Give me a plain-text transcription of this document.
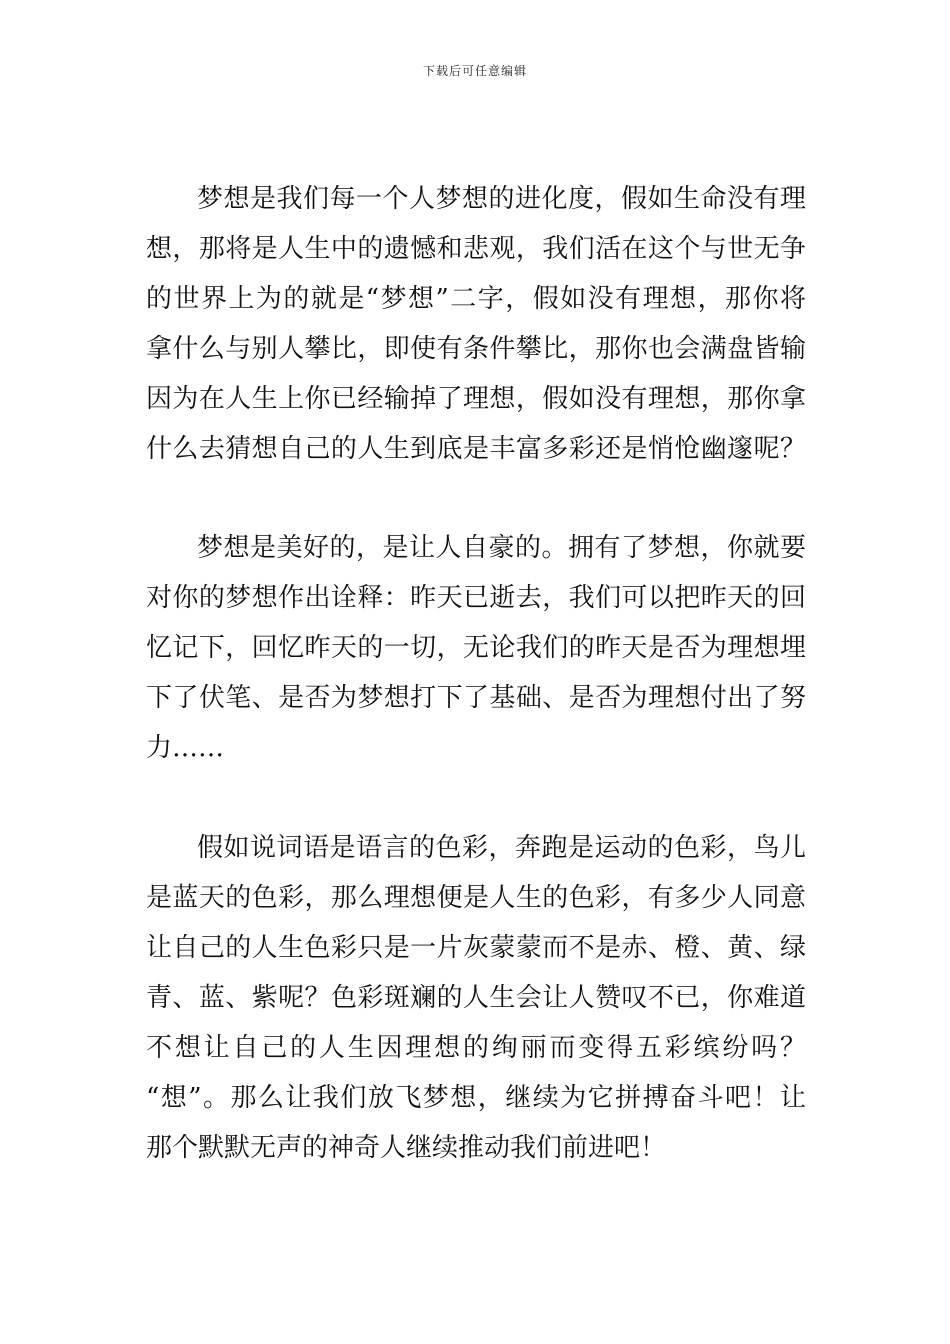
下载后可任意编辑
梦想是我们每一个人梦想的进化度，假如生命没有理
想，那将是人生中的遗憾和悲观，我们活在这个与世无争
的世界上为的就是“梦想”二字，假如没有理想，那你将
拿什么与别人攀比，即使有条件攀比，那你也会满盘皆输
因为在人生上你已经输掉了理想，假如没有理想，那你拿
什么去猜想自己的人生到底是丰富多彩还是悄怆幽邃呢？
梦想是美好的，是让人自豪的。拥有了梦想，你就要
对你的梦想作出诠释：昨天已逝去，我们可以把昨天的回
忆记下，回忆昨天的一切，无论我们的昨天是否为理想埋
下了伏笔、是否为梦想打下了基础、是否为理想付出了努
力……
假如说词语是语言的色彩，奔跑是运动的色彩，鸟儿
是蓝天的色彩，那么理想便是人生的色彩，有多少人同意
让自己的人生色彩只是一片灰蒙蒙而不是赤、橙、黄、绿
青、蓝、紫呢？色彩斑斓的人生会让人赞叹不已，你难道
不想让自己的人生因理想的绚丽而变得五彩缤纷吗？
“想”。那么让我们放飞梦想，继续为它拼搏奋斗吧！让
那个默默无声的神奇人继续推动我们前进吧！
